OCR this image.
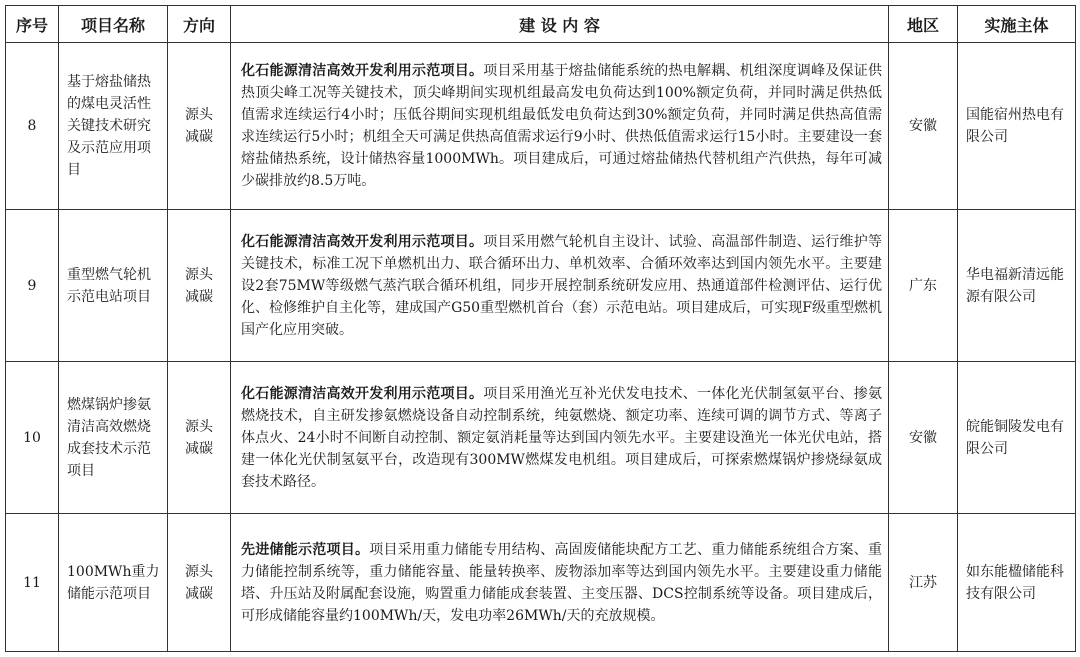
序号	项目名称	方向	建 设 内 容	地区	实施主体
8	基于熔盐储热的煤电灵活性关键技术研究及示范应用项目	源头减碳	化石能源清洁高效开发利用示范项目。项目采用基于熔盐储能系统的热电解耦、机组深度调峰及保证供热顶尖峰工况等关键技术，顶尖峰期间实现机组最高发电负荷达到100%额定负荷，并同时满足供热低值需求连续运行4小时；压低谷期间实现机组最低发电负荷达到30%额定负荷，并同时满足供热高值需求连续运行5小时；机组全天可满足供热高值需求运行9小时、供热低值需求运行15小时。主要建设一套熔盐储热系统，设计储热容量1000MWh。项目建成后，可通过熔盐储热代替机组产汽供热，每年可减少碳排放约8.5万吨。	安徽	国能宿州热电有限公司
9	重型燃气轮机示范电站项目	源头减碳	化石能源清洁高效开发利用示范项目。项目采用燃气轮机自主设计、试验、高温部件制造、运行维护等关键技术，标准工况下单燃机出力、联合循环出力、单机效率、合循环效率达到国内领先水平。主要建设2套75MW等级燃气蒸汽联合循环机组，同步开展控制系统研发应用、热通道部件检测评估、运行优化、检修维护自主化等，建成国产G50重型燃机首台（套）示范电站。项目建成后，可实现F级重型燃机国产化应用突破。	广东	华电福新清远能源有限公司
10	燃煤锅炉掺氨清洁高效燃烧成套技术示范项目	源头减碳	化石能源清洁高效开发利用示范项目。项目采用渔光互补光伏发电技术、一体化光伏制氢氨平台、掺氨燃烧技术，自主研发掺氨燃烧设备自动控制系统，纯氨燃烧、额定功率、连续可调的调节方式、等离子体点火、24小时不间断自动控制、额定氨消耗量等达到国内领先水平。主要建设渔光一体光伏电站，搭建一体化光伏制氢氨平台，改造现有300MW燃煤发电机组。项目建成后，可探索燃煤锅炉掺烧绿氨成套技术路径。	安徽	皖能铜陵发电有限公司
11	100MWh重力储能示范项目	源头减碳	先进储能示范项目。项目采用重力储能专用结构、高固废储能块配方工艺、重力储能系统组合方案、重力储能控制系统等，重力储能容量、能量转换率、废物添加率等达到国内领先水平。主要建设重力储能塔、升压站及附属配套设施，购置重力储能成套装置、主变压器、DCS控制系统等设备。项目建成后，可形成储能容量约100MWh/天，发电功率26MWh/天的充放规模。	江苏	如东能楹储能科技有限公司
